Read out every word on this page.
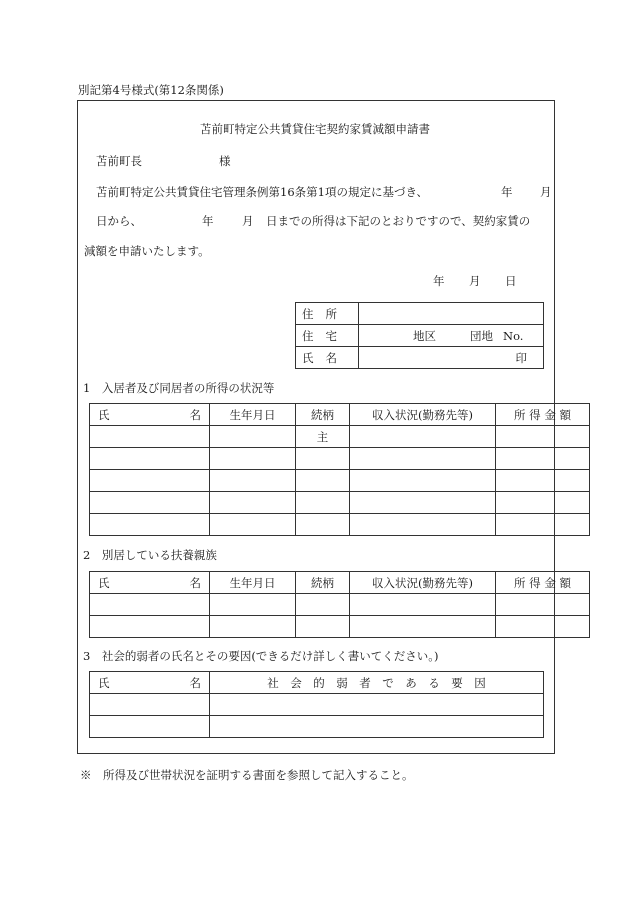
別記第4号様式(第12条関係)
苫前町特定公共賃貸住宅契約家賃減額申請書
苫前町長	様
苫前町特定公共賃貸住宅管理条例第16条第1項の規定に基づき、	年 月
日から、	年 月 日までの所得は下記のとおりですので、契約家賃の
減額を申請いたします。
年 月 日
住所	
住宅	地区 団地 No.
氏名	印
1　入居者及び同居者の所得の状況等
氏 名	生年月日	続柄	収入状況(勤務先等)	所 得 金 額
		主		

2　別居している扶養親族
氏 名	生年月日	続柄	収入状況(勤務先等)	所 得 金 額

3　社会的弱者の氏名とその要因(できるだけ詳しく書いてください。)
氏 名	社　会　的　弱　者　で　あ　る　要　因

※　所得及び世帯状況を証明する書面を参照して記入すること。
